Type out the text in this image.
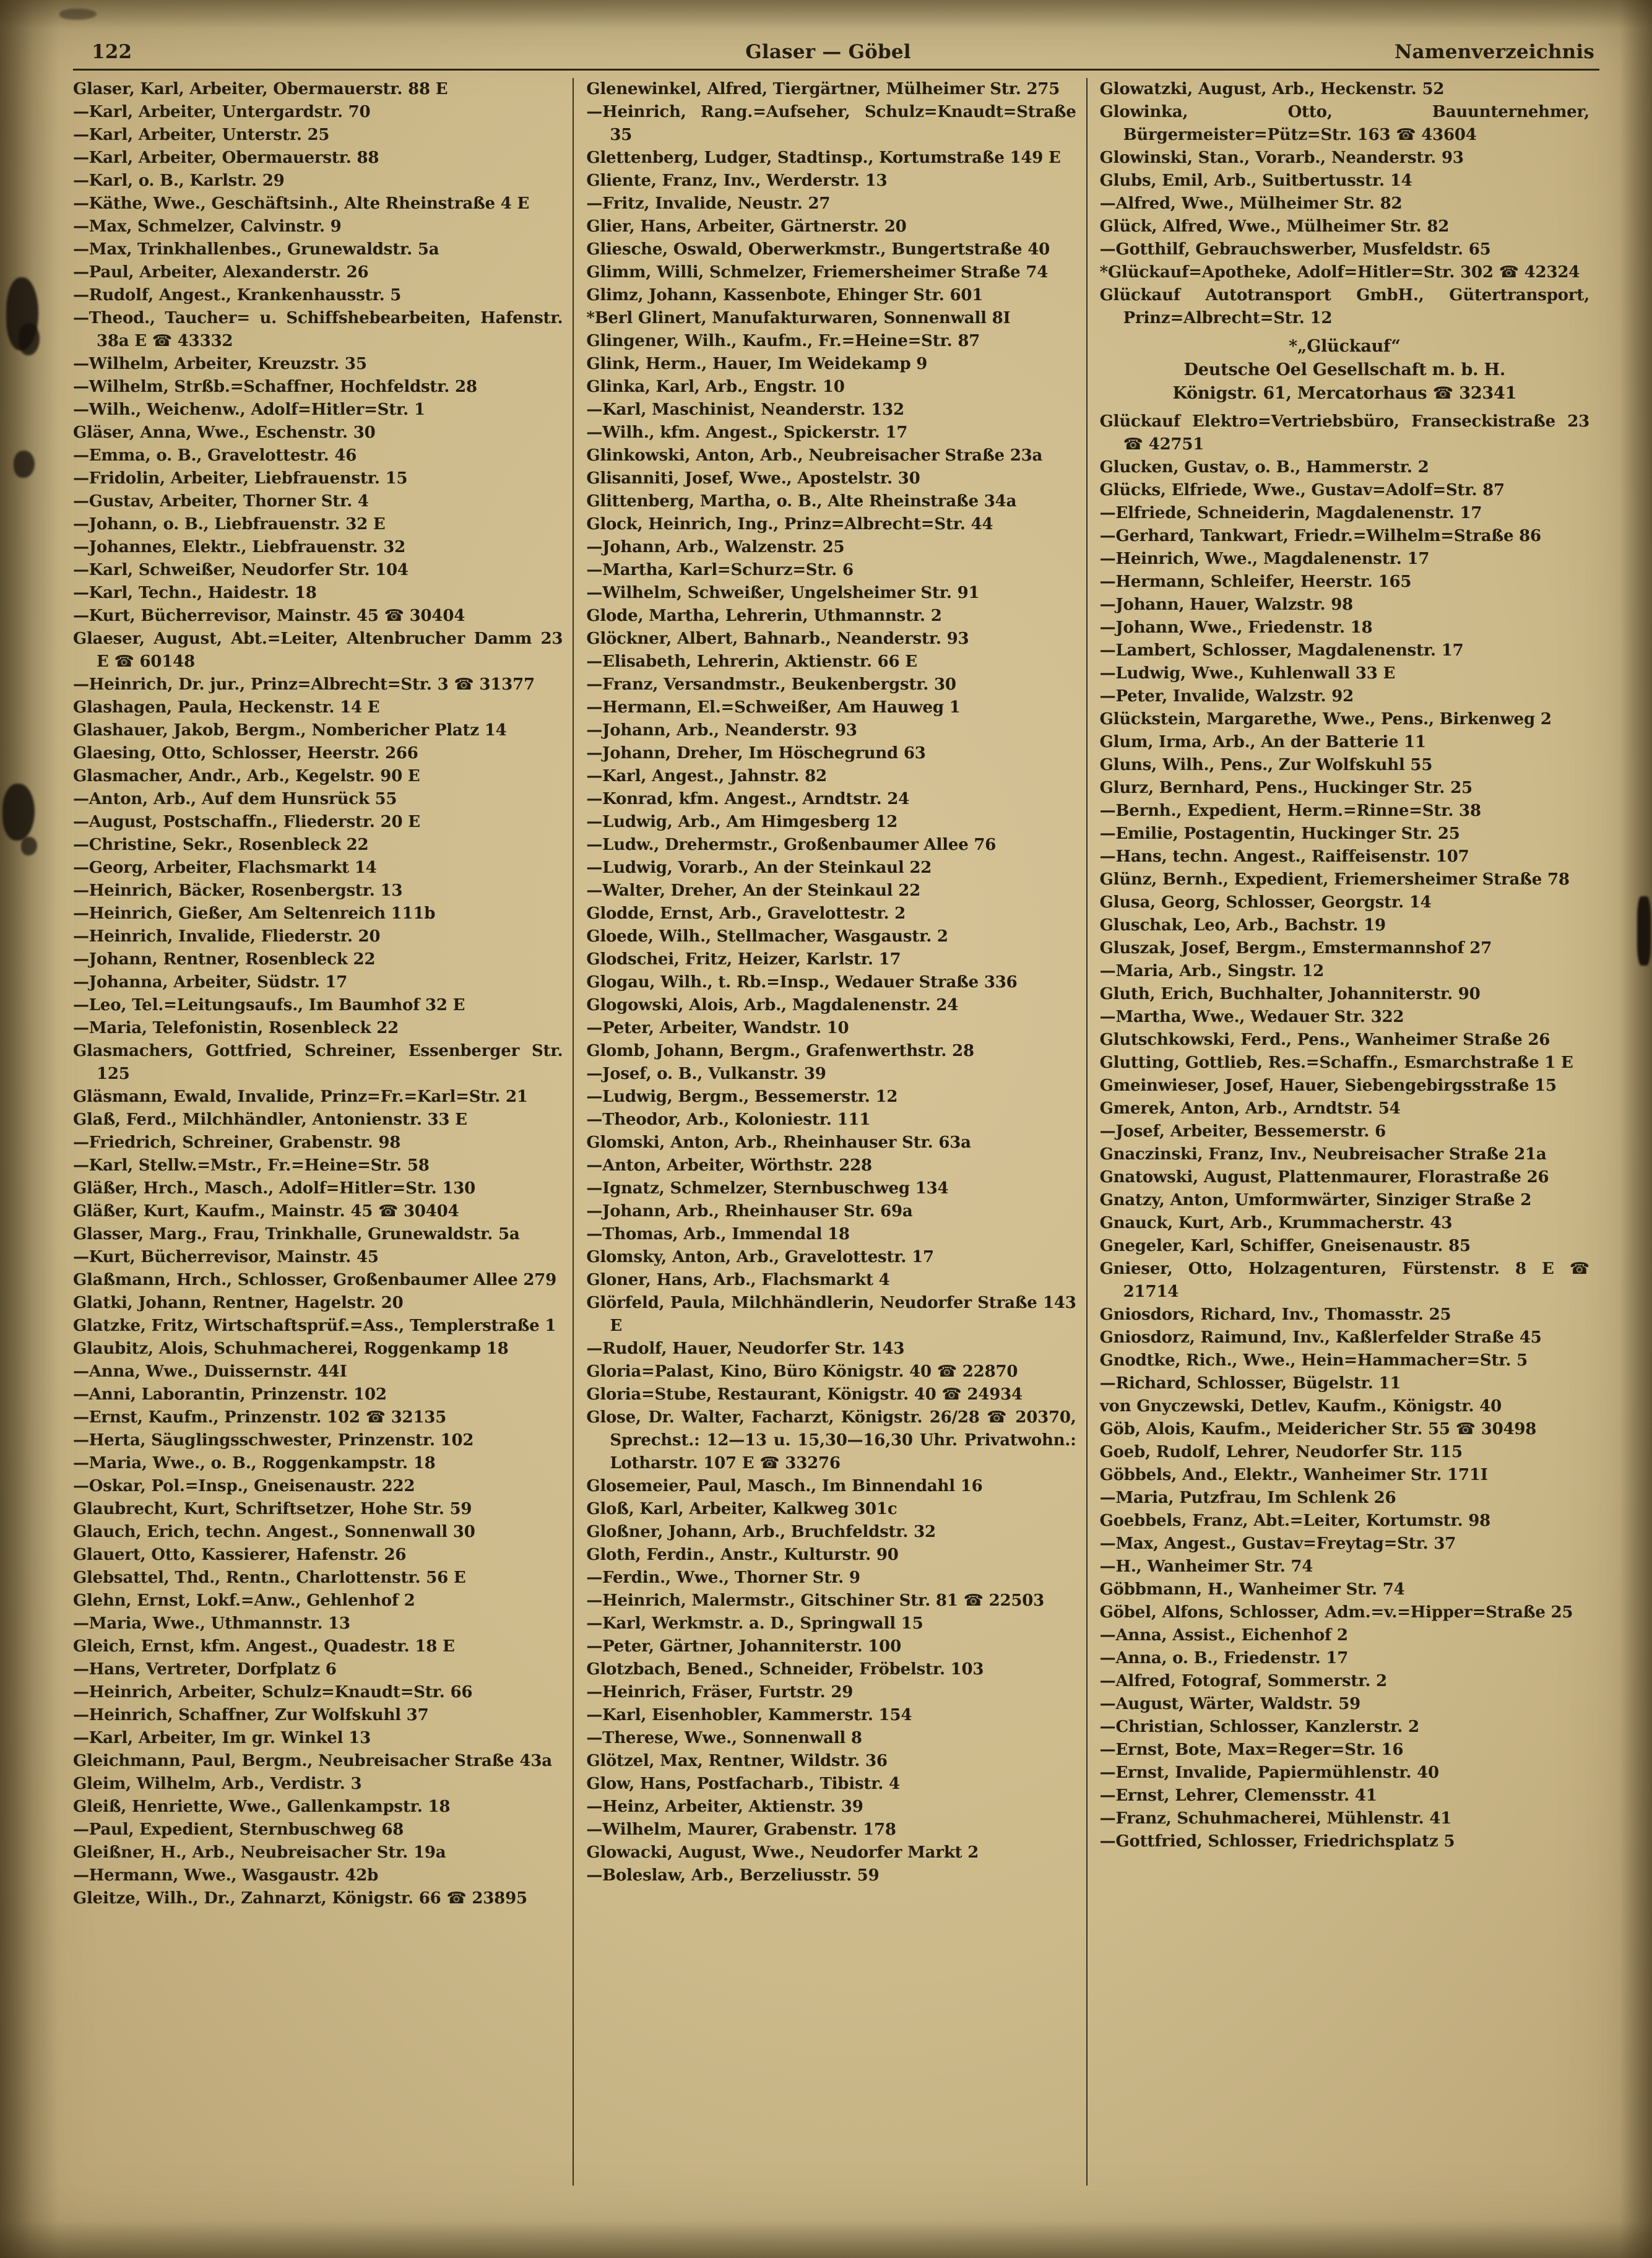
122	Glaser — Göbel	Namenverzeichnis
Glaser, Karl, Arbeiter, Obermauerstr. 88 E
—Karl, Arbeiter, Untergardstr. 70
—Karl, Arbeiter, Unterstr. 25
—Karl, Arbeiter, Obermauerstr. 88
—Karl, o. B., Karlstr. 29
—Käthe, Wwe., Geschäftsinh., Alte Rheinstraße 4 E
—Max, Schmelzer, Calvinstr. 9
—Max, Trinkhallenbes., Grunewaldstr. 5a
—Paul, Arbeiter, Alexanderstr. 26
—Rudolf, Angest., Krankenhausstr. 5
—Theod., Taucher= u. Schiffshebearbeiten, Hafenstr. 38a E ☎ 43332
—Wilhelm, Arbeiter, Kreuzstr. 35
—Wilhelm, Strßb.=Schaffner, Hochfeldstr. 28
—Wilh., Weichenw., Adolf=Hitler=Str. 1
Gläser, Anna, Wwe., Eschenstr. 30
—Emma, o. B., Gravelottestr. 46
—Fridolin, Arbeiter, Liebfrauenstr. 15
—Gustav, Arbeiter, Thorner Str. 4
—Johann, o. B., Liebfrauenstr. 32 E
—Johannes, Elektr., Liebfrauenstr. 32
—Karl, Schweißer, Neudorfer Str. 104
—Karl, Techn., Haidestr. 18
—Kurt, Bücherrevisor, Mainstr. 45 ☎ 30404
Glaeser, August, Abt.=Leiter, Altenbrucher Damm 23 E ☎ 60148
—Heinrich, Dr. jur., Prinz=Albrecht=Str. 3 ☎ 31377
Glashagen, Paula, Heckenstr. 14 E
Glashauer, Jakob, Bergm., Nombericher Platz 14
Glaesing, Otto, Schlosser, Heerstr. 266
Glasmacher, Andr., Arb., Kegelstr. 90 E
—Anton, Arb., Auf dem Hunsrück 55
—August, Postschaffn., Fliederstr. 20 E
—Christine, Sekr., Rosenbleck 22
—Georg, Arbeiter, Flachsmarkt 14
—Heinrich, Bäcker, Rosenbergstr. 13
—Heinrich, Gießer, Am Seltenreich 111b
—Heinrich, Invalide, Fliederstr. 20
—Johann, Rentner, Rosenbleck 22
—Johanna, Arbeiter, Südstr. 17
—Leo, Tel.=Leitungsaufs., Im Baumhof 32 E
—Maria, Telefonistin, Rosenbleck 22
Glasmachers, Gottfried, Schreiner, Essenberger Str. 125
Gläsmann, Ewald, Invalide, Prinz=Fr.=Karl=Str. 21
Glaß, Ferd., Milchhändler, Antonienstr. 33 E
—Friedrich, Schreiner, Grabenstr. 98
—Karl, Stellw.=Mstr., Fr.=Heine=Str. 58
Gläßer, Hrch., Masch., Adolf=Hitler=Str. 130
Gläßer, Kurt, Kaufm., Mainstr. 45 ☎ 30404
Glasser, Marg., Frau, Trinkhalle, Grunewaldstr. 5a
—Kurt, Bücherrevisor, Mainstr. 45
Glaßmann, Hrch., Schlosser, Großenbaumer Allee 279
Glatki, Johann, Rentner, Hagelstr. 20
Glatzke, Fritz, Wirtschaftsprüf.=Ass., Templerstraße 1
Glaubitz, Alois, Schuhmacherei, Roggenkamp 18
—Anna, Wwe., Duissernstr. 44I
—Anni, Laborantin, Prinzenstr. 102
—Ernst, Kaufm., Prinzenstr. 102 ☎ 32135
—Herta, Säuglingsschwester, Prinzenstr. 102
—Maria, Wwe., o. B., Roggenkampstr. 18
—Oskar, Pol.=Insp., Gneisenaustr. 222
Glaubrecht, Kurt, Schriftsetzer, Hohe Str. 59
Glauch, Erich, techn. Angest., Sonnenwall 30
Glauert, Otto, Kassierer, Hafenstr. 26
Glebsattel, Thd., Rentn., Charlottenstr. 56 E
Glehn, Ernst, Lokf.=Anw., Gehlenhof 2
—Maria, Wwe., Uthmannstr. 13
Gleich, Ernst, kfm. Angest., Quadestr. 18 E
—Hans, Vertreter, Dorfplatz 6
—Heinrich, Arbeiter, Schulz=Knaudt=Str. 66
—Heinrich, Schaffner, Zur Wolfskuhl 37
—Karl, Arbeiter, Im gr. Winkel 13
Gleichmann, Paul, Bergm., Neubreisacher Straße 43a
Gleim, Wilhelm, Arb., Verdistr. 3
Gleiß, Henriette, Wwe., Gallenkampstr. 18
—Paul, Expedient, Sternbuschweg 68
Gleißner, H., Arb., Neubreisacher Str. 19a
—Hermann, Wwe., Wasgaustr. 42b
Gleitze, Wilh., Dr., Zahnarzt, Königstr. 66 ☎ 23895
Glenewinkel, Alfred, Tiergärtner, Mülheimer Str. 275
—Heinrich, Rang.=Aufseher, Schulz=Knaudt=Straße 35
Glettenberg, Ludger, Stadtinsp., Kortumstraße 149 E
Gliente, Franz, Inv., Werderstr. 13
—Fritz, Invalide, Neustr. 27
Glier, Hans, Arbeiter, Gärtnerstr. 20
Gliesche, Oswald, Oberwerkmstr., Bungertstraße 40
Glimm, Willi, Schmelzer, Friemersheimer Straße 74
Glimz, Johann, Kassenbote, Ehinger Str. 601
*Berl Glinert, Manufakturwaren, Sonnenwall 8I
Glingener, Wilh., Kaufm., Fr.=Heine=Str. 87
Glink, Herm., Hauer, Im Weidekamp 9
Glinka, Karl, Arb., Engstr. 10
—Karl, Maschinist, Neanderstr. 132
—Wilh., kfm. Angest., Spickerstr. 17
Glinkowski, Anton, Arb., Neubreisacher Straße 23a
Glisanniti, Josef, Wwe., Apostelstr. 30
Glittenberg, Martha, o. B., Alte Rheinstraße 34a
Glock, Heinrich, Ing., Prinz=Albrecht=Str. 44
—Johann, Arb., Walzenstr. 25
—Martha, Karl=Schurz=Str. 6
—Wilhelm, Schweißer, Ungelsheimer Str. 91
Glode, Martha, Lehrerin, Uthmannstr. 2
Glöckner, Albert, Bahnarb., Neanderstr. 93
—Elisabeth, Lehrerin, Aktienstr. 66 E
—Franz, Versandmstr., Beukenbergstr. 30
—Hermann, El.=Schweißer, Am Hauweg 1
—Johann, Arb., Neanderstr. 93
—Johann, Dreher, Im Höschegrund 63
—Karl, Angest., Jahnstr. 82
—Konrad, kfm. Angest., Arndtstr. 24
—Ludwig, Arb., Am Himgesberg 12
—Ludw., Drehermstr., Großenbaumer Allee 76
—Ludwig, Vorarb., An der Steinkaul 22
—Walter, Dreher, An der Steinkaul 22
Glodde, Ernst, Arb., Gravelottestr. 2
Gloede, Wilh., Stellmacher, Wasgaustr. 2
Glodschei, Fritz, Heizer, Karlstr. 17
Glogau, Wilh., t. Rb.=Insp., Wedauer Straße 336
Glogowski, Alois, Arb., Magdalenenstr. 24
—Peter, Arbeiter, Wandstr. 10
Glomb, Johann, Bergm., Grafenwerthstr. 28
—Josef, o. B., Vulkanstr. 39
—Ludwig, Bergm., Bessemerstr. 12
—Theodor, Arb., Koloniestr. 111
Glomski, Anton, Arb., Rheinhauser Str. 63a
—Anton, Arbeiter, Wörthstr. 228
—Ignatz, Schmelzer, Sternbuschweg 134
—Johann, Arb., Rheinhauser Str. 69a
—Thomas, Arb., Immendal 18
Glomsky, Anton, Arb., Gravelottestr. 17
Gloner, Hans, Arb., Flachsmarkt 4
Glörfeld, Paula, Milchhändlerin, Neudorfer Straße 143 E
—Rudolf, Hauer, Neudorfer Str. 143
Gloria=Palast, Kino, Büro Königstr. 40 ☎ 22870
Gloria=Stube, Restaurant, Königstr. 40 ☎ 24934
Glose, Dr. Walter, Facharzt, Königstr. 26/28 ☎ 20370, Sprechst.: 12—13 u. 15,30—16,30 Uhr. Privatwohn.: Lotharstr. 107 E ☎ 33276
Glosemeier, Paul, Masch., Im Binnendahl 16
Gloß, Karl, Arbeiter, Kalkweg 301c
Gloßner, Johann, Arb., Bruchfeldstr. 32
Gloth, Ferdin., Anstr., Kulturstr. 90
—Ferdin., Wwe., Thorner Str. 9
—Heinrich, Malermstr., Gitschiner Str. 81 ☎ 22503
—Karl, Werkmstr. a. D., Springwall 15
—Peter, Gärtner, Johanniterstr. 100
Glotzbach, Bened., Schneider, Fröbelstr. 103
—Heinrich, Fräser, Furtstr. 29
—Karl, Eisenhobler, Kammerstr. 154
—Therese, Wwe., Sonnenwall 8
Glötzel, Max, Rentner, Wildstr. 36
Glow, Hans, Postfacharb., Tibistr. 4
—Heinz, Arbeiter, Aktienstr. 39
—Wilhelm, Maurer, Grabenstr. 178
Glowacki, August, Wwe., Neudorfer Markt 2
—Boleslaw, Arb., Berzeliusstr. 59
Glowatzki, August, Arb., Heckenstr. 52
Glowinka, Otto, Bauunternehmer, Bürgermeister=Pütz=Str. 163 ☎ 43604
Glowinski, Stan., Vorarb., Neanderstr. 93
Glubs, Emil, Arb., Suitbertusstr. 14
—Alfred, Wwe., Mülheimer Str. 82
Glück, Alfred, Wwe., Mülheimer Str. 82
—Gotthilf, Gebrauchswerber, Musfeldstr. 65
*Glückauf=Apotheke, Adolf=Hitler=Str. 302 ☎ 42324
Glückauf Autotransport GmbH., Gütertransport, Prinz=Albrecht=Str. 12
*„Glückauf“
Deutsche Oel Gesellschaft m. b. H.
Königstr. 61, Mercatorhaus ☎ 32341
Glückauf Elektro=Vertriebsbüro, Franseckistraße 23 ☎ 42751
Glucken, Gustav, o. B., Hammerstr. 2
Glücks, Elfriede, Wwe., Gustav=Adolf=Str. 87
—Elfriede, Schneiderin, Magdalenenstr. 17
—Gerhard, Tankwart, Friedr.=Wilhelm=Straße 86
—Heinrich, Wwe., Magdalenenstr. 17
—Hermann, Schleifer, Heerstr. 165
—Johann, Hauer, Walzstr. 98
—Johann, Wwe., Friedenstr. 18
—Lambert, Schlosser, Magdalenenstr. 17
—Ludwig, Wwe., Kuhlenwall 33 E
—Peter, Invalide, Walzstr. 92
Glückstein, Margarethe, Wwe., Pens., Birkenweg 2
Glum, Irma, Arb., An der Batterie 11
Gluns, Wilh., Pens., Zur Wolfskuhl 55
Glurz, Bernhard, Pens., Huckinger Str. 25
—Bernh., Expedient, Herm.=Rinne=Str. 38
—Emilie, Postagentin, Huckinger Str. 25
—Hans, techn. Angest., Raiffeisenstr. 107
Glünz, Bernh., Expedient, Friemersheimer Straße 78
Glusa, Georg, Schlosser, Georgstr. 14
Gluschak, Leo, Arb., Bachstr. 19
Gluszak, Josef, Bergm., Emstermannshof 27
—Maria, Arb., Singstr. 12
Gluth, Erich, Buchhalter, Johanniterstr. 90
—Martha, Wwe., Wedauer Str. 322
Glutschkowski, Ferd., Pens., Wanheimer Straße 26
Glutting, Gottlieb, Res.=Schaffn., Esmarchstraße 1 E
Gmeinwieser, Josef, Hauer, Siebengebirgsstraße 15
Gmerek, Anton, Arb., Arndtstr. 54
—Josef, Arbeiter, Bessemerstr. 6
Gnaczinski, Franz, Inv., Neubreisacher Straße 21a
Gnatowski, August, Plattenmaurer, Florastraße 26
Gnatzy, Anton, Umformwärter, Sinziger Straße 2
Gnauck, Kurt, Arb., Krummacherstr. 43
Gnegeler, Karl, Schiffer, Gneisenaustr. 85
Gnieser, Otto, Holzagenturen, Fürstenstr. 8 E ☎ 21714
Gniosdors, Richard, Inv., Thomasstr. 25
Gniosdorz, Raimund, Inv., Kaßlerfelder Straße 45
Gnodtke, Rich., Wwe., Hein=Hammacher=Str. 5
—Richard, Schlosser, Bügelstr. 11
von Gnyczewski, Detlev, Kaufm., Königstr. 40
Göb, Alois, Kaufm., Meidericher Str. 55 ☎ 30498
Goeb, Rudolf, Lehrer, Neudorfer Str. 115
Göbbels, And., Elektr., Wanheimer Str. 171I
—Maria, Putzfrau, Im Schlenk 26
Goebbels, Franz, Abt.=Leiter, Kortumstr. 98
—Max, Angest., Gustav=Freytag=Str. 37
—H., Wanheimer Str. 74
Göbbmann, H., Wanheimer Str. 74
Göbel, Alfons, Schlosser, Adm.=v.=Hipper=Straße 25
—Anna, Assist., Eichenhof 2
—Anna, o. B., Friedenstr. 17
—Alfred, Fotograf, Sommerstr. 2
—August, Wärter, Waldstr. 59
—Christian, Schlosser, Kanzlerstr. 2
—Ernst, Bote, Max=Reger=Str. 16
—Ernst, Invalide, Papiermühlenstr. 40
—Ernst, Lehrer, Clemensstr. 41
—Franz, Schuhmacherei, Mühlenstr. 41
—Gottfried, Schlosser, Friedrichsplatz 5
